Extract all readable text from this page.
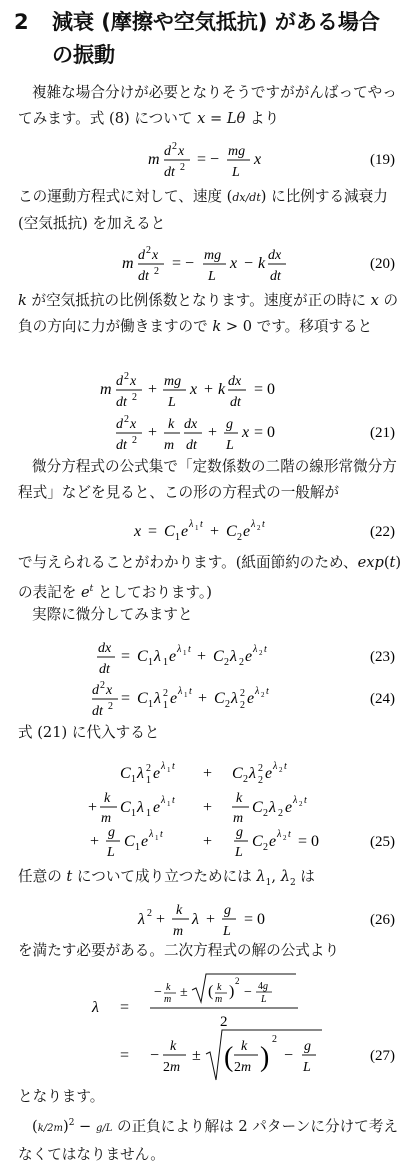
2 減衰 (摩擦や空気抵抗) がある場合
の振動
複雑な場合分けが必要となりそうですががんばってやってみます。式 (8) について x = Lθ より
m d 2 x
dt 2 = − mg
L
x	(19)
この運動方程式に対して、速度 (dx/dt) に比例する減衰力 (空気抵抗) を加えると
m d 2 x
dt 2 = − mg
L
x − k dx
dt
(20)
k が空気抵抗の比例係数となります。速度が正の時に x の負の方向に力が働きますので k > 0 です。移項すると
m d 2 x
dt 2 + mg
L
x + k dx
dt
= 0
d 2 x
dt 2 + k
m
dx
dt
+ g
L
x = 0	(21)
微分方程式の公式集で「定数係数の二階の線形常微分方程式」などを見ると、この形の方程式の一般解が
x = C 1 e λ 1 t + C 2 e λ 2 t	(22)
で与えられることがわかります。(紙面節約のため、exp(t) の表記を $e^t$ としております。)
実際に微分してみますと
dx
dt
= C 1 λ 1 e λ 1 t + C 2 λ 2 e λ 2 t	(23)
d 2 x
dt 2 = C 1 λ 2
1 e λ 1 t + C 2 λ 2
2 e λ 2 t	(24)
式 (21) に代入すると
C 1 λ 2
1 e λ 1 t + C 2 λ 2
2 e λ 2 t
+
k
m
C 1 λ 1 e λ 1 t +
k
m
C 2 λ 2 e λ 2 t
+
g
L
C 1 e λ 1 t	+
g
L
C 2 e λ 2 t = 0	(25)
任意の t について成り立つためには $\lambda_1$, $\lambda_2$ は
λ 2 +
k
m
λ +
g
L
= 0	(26)
を満たす必要がある。二次方程式の解の公式より
λ =
− k
m ± ( k
m )
2
− 4g
L
2
= −
k
2m
± ( k
2m )
2
−
g
L
(27)
となります。
$(k/2m)^2 - g/L$ の正負により解は 2 パターンに分けて考えなくてはなりません。
